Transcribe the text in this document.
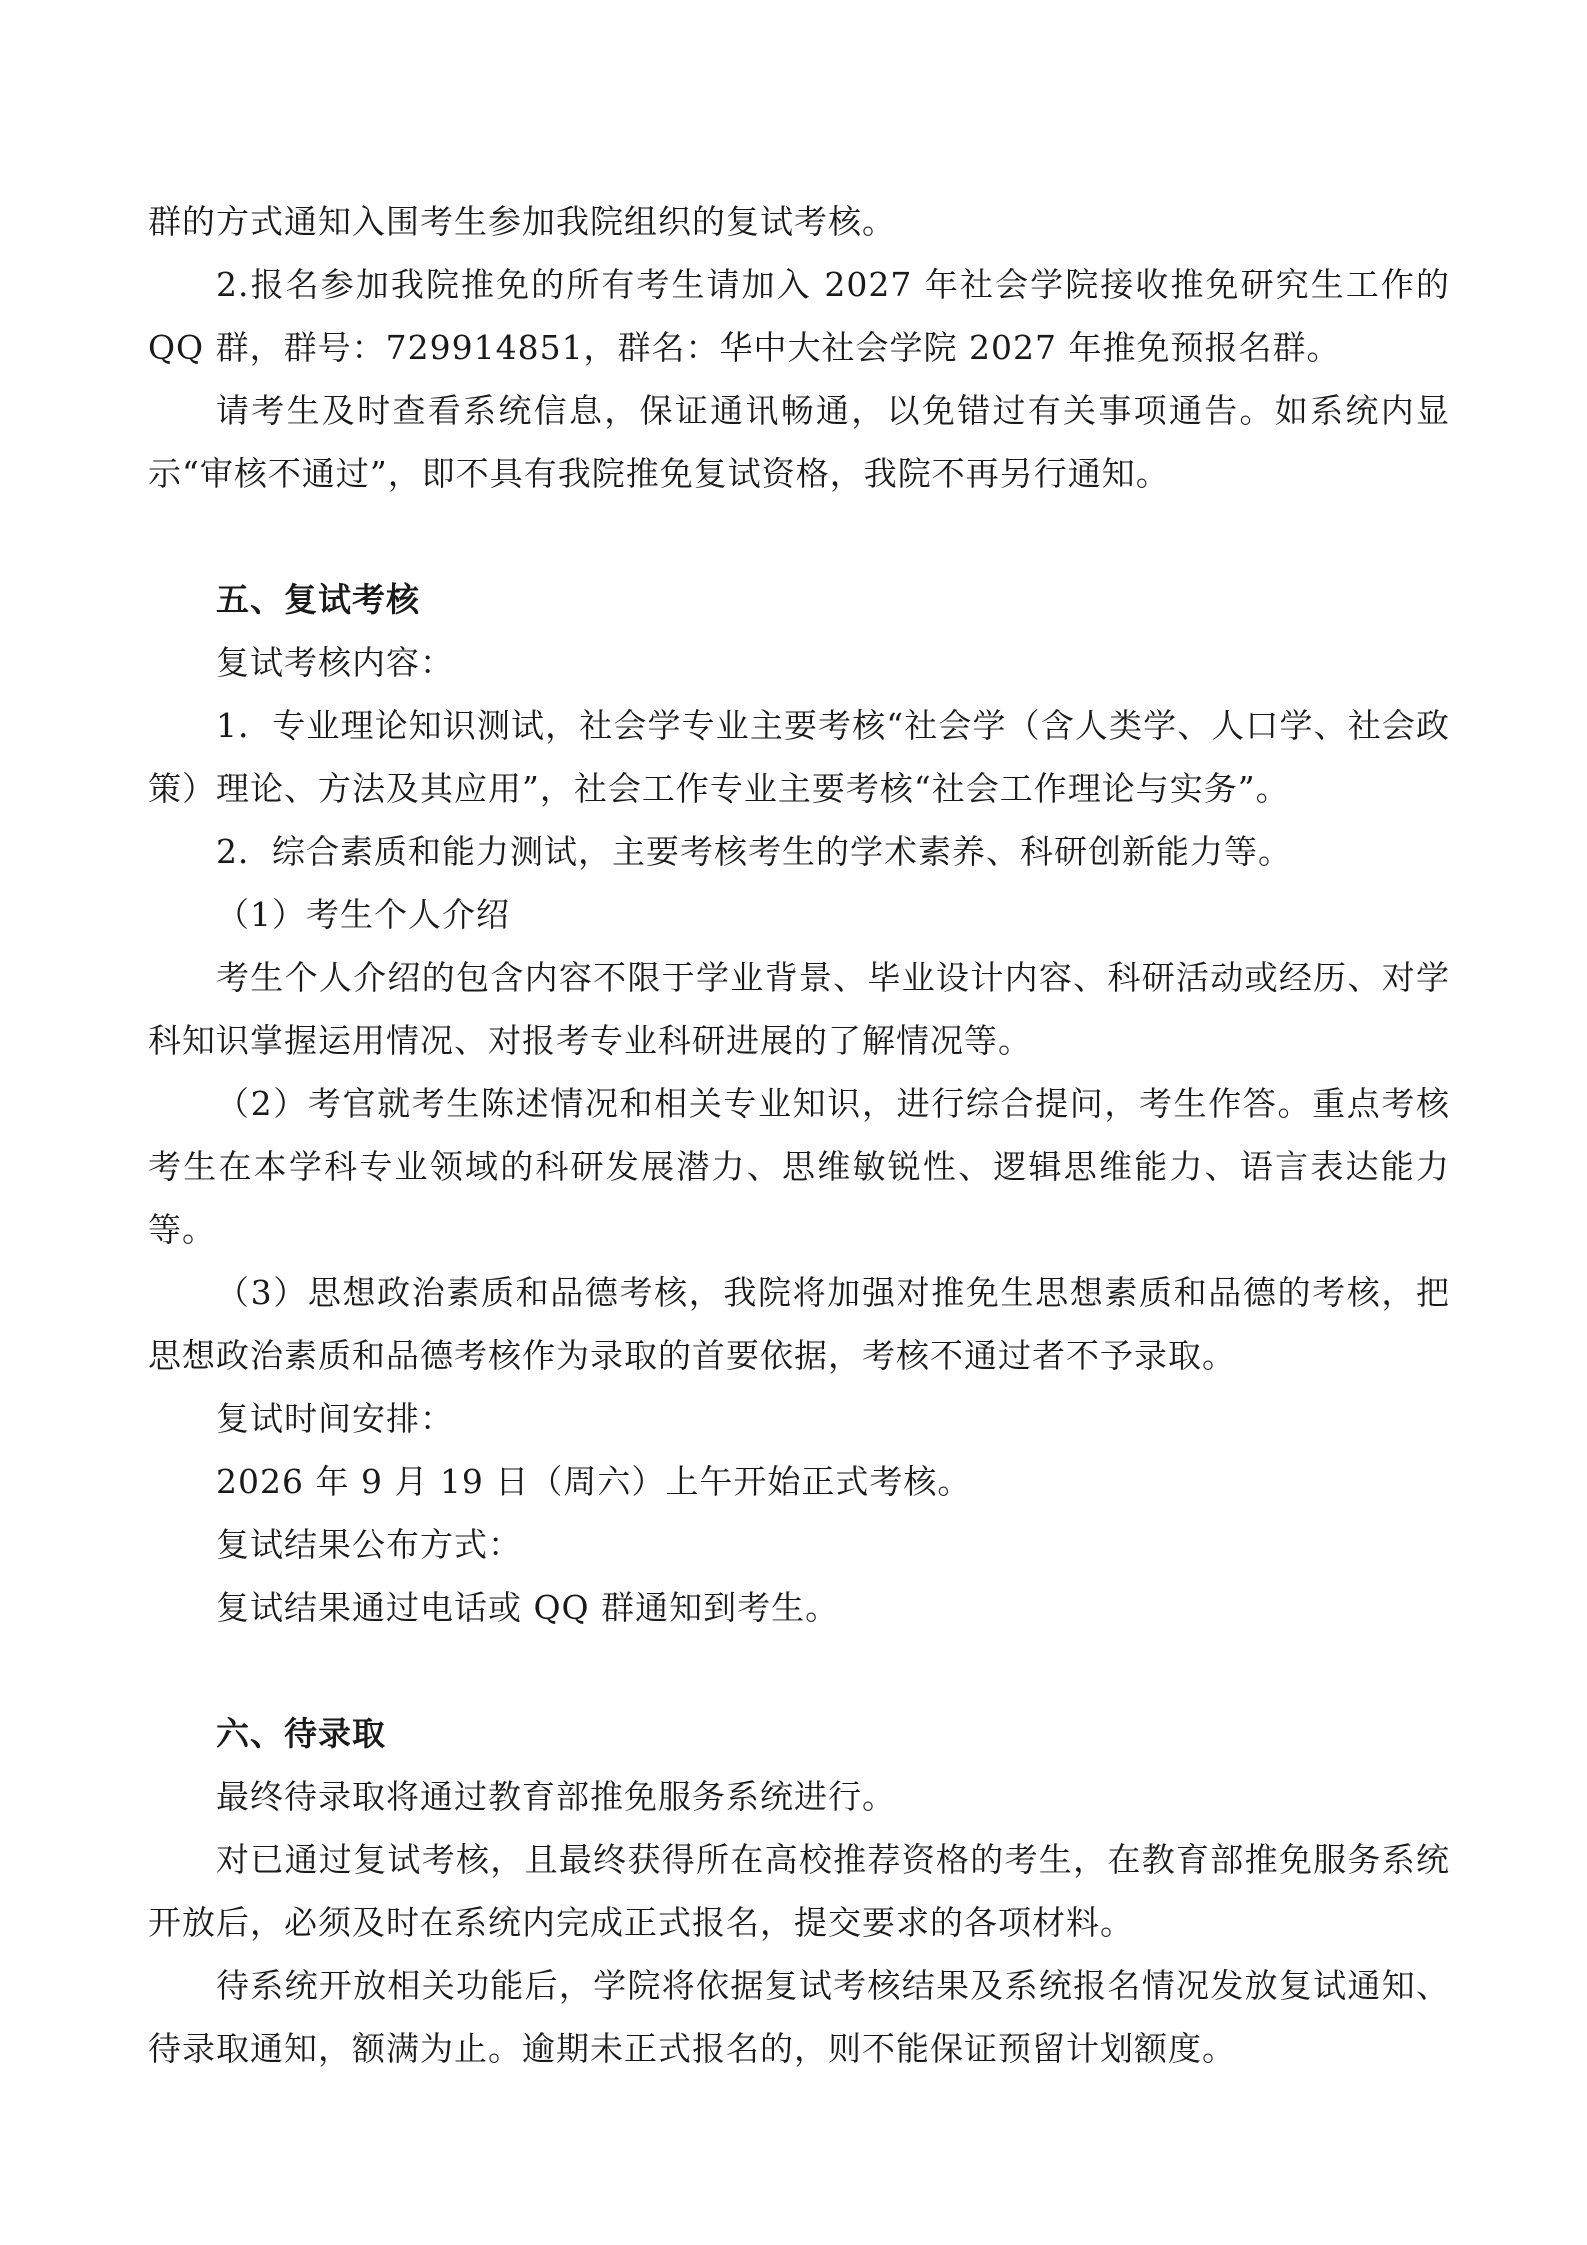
群的方式通知入围考生参加我院组织的复试考核。

2.报名参加我院推免的所有考生请加入 2027 年社会学院接收推免研究生工作的 QQ 群，群号：729914851，群名：华中大社会学院 2027 年推免预报名群。

请考生及时查看系统信息，保证通讯畅通，以免错过有关事项通告。如系统内显示“审核不通过”，即不具有我院推免复试资格，我院不再另行通知。

五、复试考核

复试考核内容：

1．专业理论知识测试，社会学专业主要考核“社会学（含人类学、人口学、社会政策）理论、方法及其应用”，社会工作专业主要考核“社会工作理论与实务”。

2．综合素质和能力测试，主要考核考生的学术素养、科研创新能力等。

（1）考生个人介绍

考生个人介绍的包含内容不限于学业背景、毕业设计内容、科研活动或经历、对学科知识掌握运用情况、对报考专业科研进展的了解情况等。

（2）考官就考生陈述情况和相关专业知识，进行综合提问，考生作答。重点考核考生在本学科专业领域的科研发展潜力、思维敏锐性、逻辑思维能力、语言表达能力等。

（3）思想政治素质和品德考核，我院将加强对推免生思想素质和品德的考核，把思想政治素质和品德考核作为录取的首要依据，考核不通过者不予录取。

复试时间安排：

2026 年 9 月 19 日（周六）上午开始正式考核。

复试结果公布方式：

复试结果通过电话或 QQ 群通知到考生。

六、待录取

最终待录取将通过教育部推免服务系统进行。

对已通过复试考核，且最终获得所在高校推荐资格的考生，在教育部推免服务系统开放后，必须及时在系统内完成正式报名，提交要求的各项材料。

待系统开放相关功能后，学院将依据复试考核结果及系统报名情况发放复试通知、待录取通知，额满为止。逾期未正式报名的，则不能保证预留计划额度。
